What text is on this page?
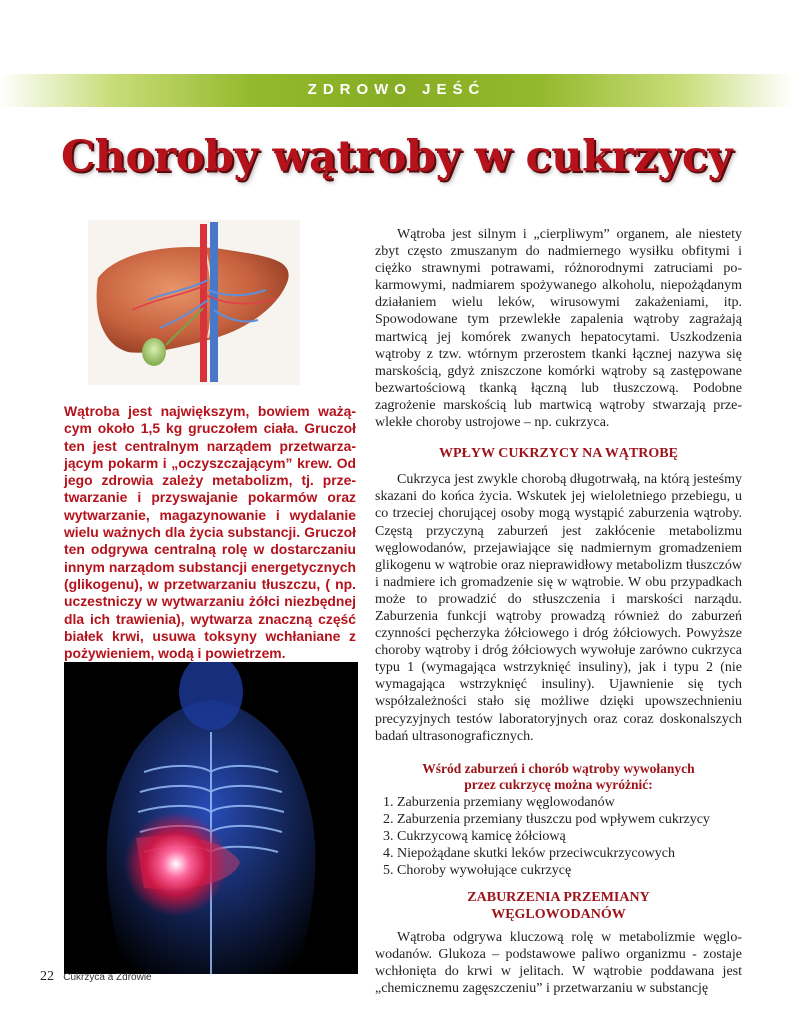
ZDROWO JEŚĆ
Choroby wątroby w cukrzycy
Wątroba jest największym, bowiem ważącym około 1,5 kg gruczołem ciała. Gruczoł ten jest centralnym narządem przetwarzającym pokarm i „oczyszczającym” krew. Od jego zdrowia zależy metabolizm, tj. przetwarzanie i przyswajanie pokarmów oraz wytwarzanie, magazynowanie i wydalanie wielu ważnych dla życia substancji. Gruczoł ten odgrywa centralną rolę w dostarczaniu innym narządom substancji energetycznych (glikogenu), w przetwarzaniu tłuszczu, ( np. uczestniczy w wytwarzaniu żółci niezbędnej dla ich trawienia), wytwarza znaczną część białek krwi, usuwa toksyny wchłaniane z pożywieniem, wodą i powietrzem.

Wątroba jest silnym i „cierpliwym” organem, ale niestety zbyt często zmuszanym do nadmiernego wysiłku obfitymi i ciężko strawnymi potrawami, różnorodnymi zatruciami pokarmowymi, nadmiarem spożywanego alkoholu, niepożądanym działaniem wielu leków, wirusowymi zakażeniami, itp. Spowodowane tym przewlekłe zapalenia wątroby zagrażają martwicą jej komórek zwanych hepatocytami. Uszkodzenia wątroby z tzw. wtórnym przerostem tkanki łącznej nazywa się marskością, gdyż zniszczone komórki wątroby są zastępowane bezwartościową tkanką łączną lub tłuszczową. Podobne zagrożenie marskością lub martwicą wątroby stwarzają przewlekłe choroby ustrojowe – np. cukrzyca.

WPŁYW CUKRZYCY NA WĄTROBĘ

Cukrzyca jest zwykle chorobą długotrwałą, na którą jesteśmy skazani do końca życia. Wskutek jej wieloletniego przebiegu, u co trzeciej chorującej osoby mogą wystąpić zaburzenia wątroby. Częstą przyczyną zaburzeń jest zakłócenie metabolizmu węglowodanów, przejawiające się nadmiernym gromadzeniem glikogenu w wątrobie oraz nieprawidłowy metabolizm tłuszczów i nadmiere ich gromadzenie się w wątrobie. W obu przypadkach może to prowadzić do stłuszczenia i marskości narządu. Zaburzenia funkcji wątroby prowadzą również do zaburzeń czynności pęcherzyka żółciowego i dróg żółciowych. Powyższe choroby wątroby i dróg żółciowych wywołuje zarówno cukrzyca typu 1 (wymagająca wstrzyknięć insuliny), jak i typu 2 (nie wymagająca wstrzyknięć insuliny). Ujawnienie się tych współzależności stało się możliwe dzięki upowszechnieniu precyzyjnych testów laboratoryjnych oraz coraz doskonalszych badań ultrasonograficznych.

Wśród zaburzeń i chorób wątroby wywołanych
przez cukrzycę można wyróżnić:
1. Zaburzenia przemiany węglowodanów
2. Zaburzenia przemiany tłuszczu pod wpływem cukrzycy
3. Cukrzycową kamicę żółciową
4. Niepożądane skutki leków przeciwcukrzycowych
5. Choroby wywołujące cukrzycę
ZABURZENIA PRZEMIANY
WĘGLOWODANÓW

Wątroba odgrywa kluczową rolę w metabolizmie węglowodanów. Glukoza – podstawowe paliwo organizmu - zostaje wchłonięta do krwi w jelitach. W wątrobie poddawana jest „chemicznemu zagęszczeniu” i przetwarzaniu w substancję

22 Cukrzyca a Zdrowie
